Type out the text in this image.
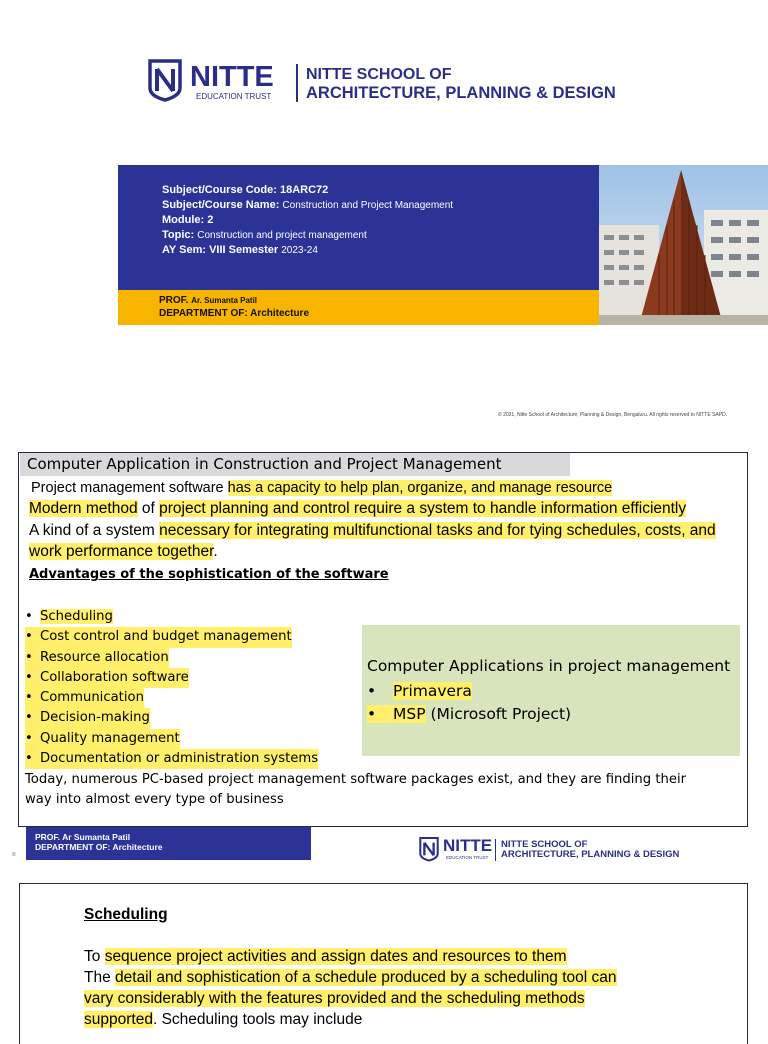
NITTE
EDUCATION TRUST
NITTE SCHOOL OF
ARCHITECTURE, PLANNING & DESIGN
Subject/Course Code: 18ARC72
Subject/Course Name: Construction and Project Management
Module: 2
Topic: Construction and project management
AY Sem: VIII Semester 2023-24
PROF. Ar. Sumanta Patil
DEPARTMENT OF: Architecture
© 2021, Nitte School of Architecture, Planning & Design, Bengaluru. All rights reserved to NITTE SAPD.
Computer Application in Construction and Project Management
Project management software has a capacity to help plan, organize, and manage resource
Modern method of project planning and control require a system to handle information efficiently
A kind of a system necessary for integrating multifunctional tasks and for tying schedules, costs, and work performance together.
Advantages of the sophistication of the software
• Scheduling
• Cost control and budget management
• Resource allocation
• Collaboration software
• Communication
• Decision-making
• Quality management
• Documentation or administration systems
Computer Applications in project management
• Primavera
• MSP (Microsoft Project)
Today, numerous PC-based project management software packages exist, and they are finding their way into almost every type of business
PROF. Ar Sumanta Patil
DEPARTMENT OF: Architecture
©	NITTE
EDUCATION TRUST
NITTE SCHOOL OF
ARCHITECTURE, PLANNING & DESIGN
Scheduling
To sequence project activities and assign dates and resources to them
The detail and sophistication of a schedule produced by a scheduling tool can vary considerably with the features provided and the scheduling methods supported. Scheduling tools may include
